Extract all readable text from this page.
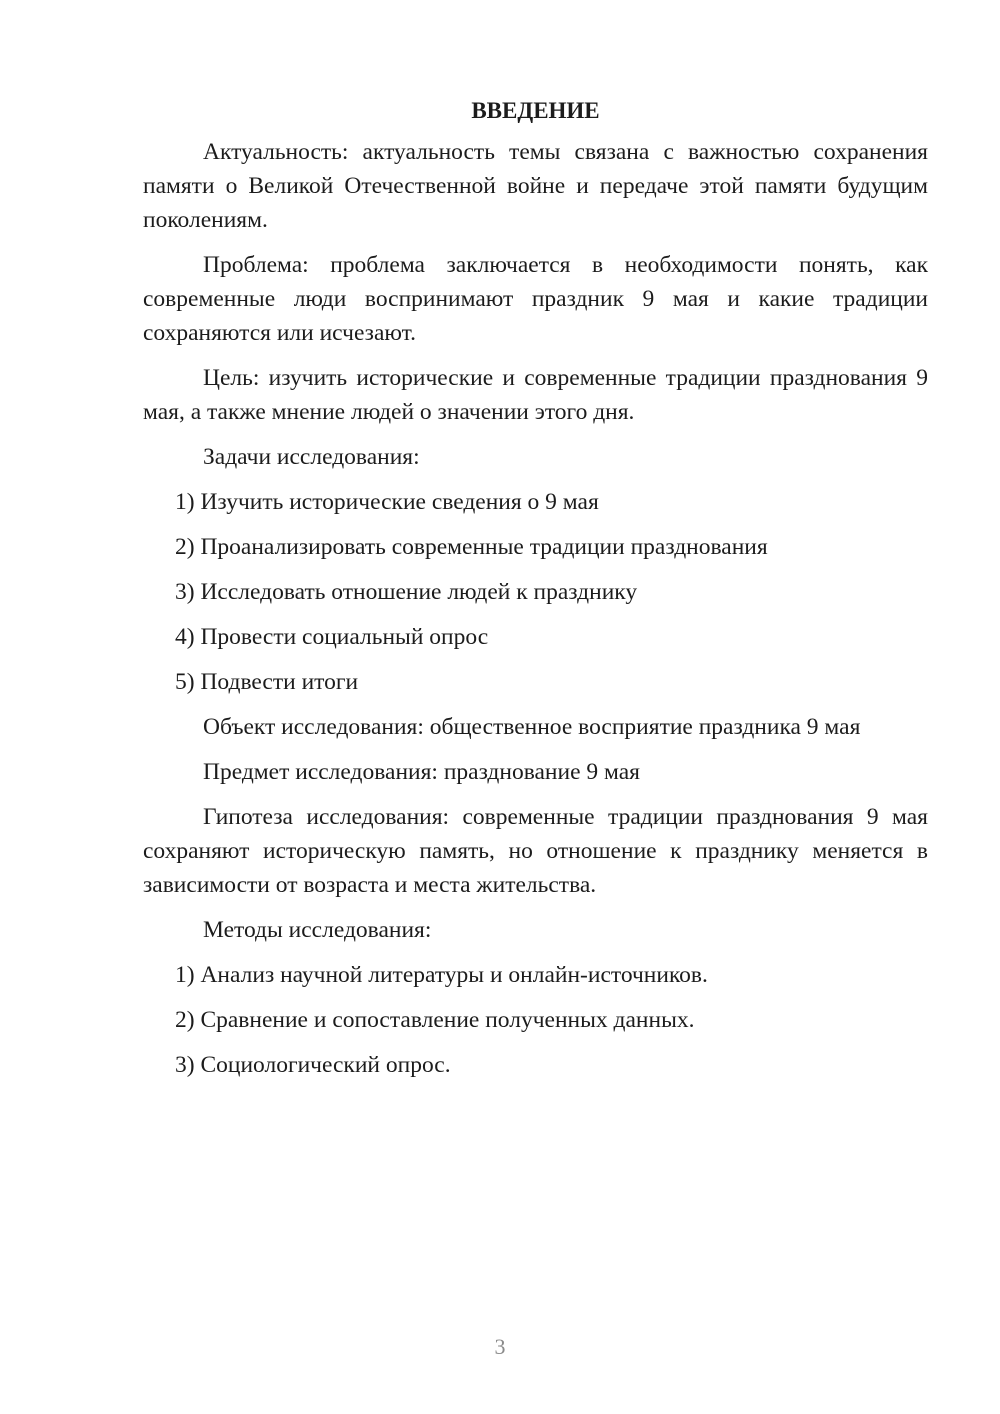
ВВЕДЕНИЕ

Актуальность: актуальность темы связана с важностью сохранения памяти о Великой Отечественной войне и передаче этой памяти будущим поколениям.

Проблема: проблема заключается в необходимости понять, как современные люди воспринимают праздник 9 мая и какие традиции сохраняются или исчезают.

Цель: изучить исторические и современные традиции празднования 9 мая, а также мнение людей о значении этого дня.

Задачи исследования:
1) Изучить исторические сведения о 9 мая
2) Проанализировать современные традиции празднования
3) Исследовать отношение людей к празднику
4) Провести социальный опрос
5) Подвести итоги
Объект исследования: общественное восприятие праздника 9 мая
Предмет исследования: празднование 9 мая

Гипотеза исследования: современные традиции празднования 9 мая сохраняют историческую память, но отношение к празднику меняется в зависимости от возраста и места жительства.

Методы исследования:
1) Анализ научной литературы и онлайн-источников.
2) Сравнение и сопоставление полученных данных.
3) Социологический опрос.
3
